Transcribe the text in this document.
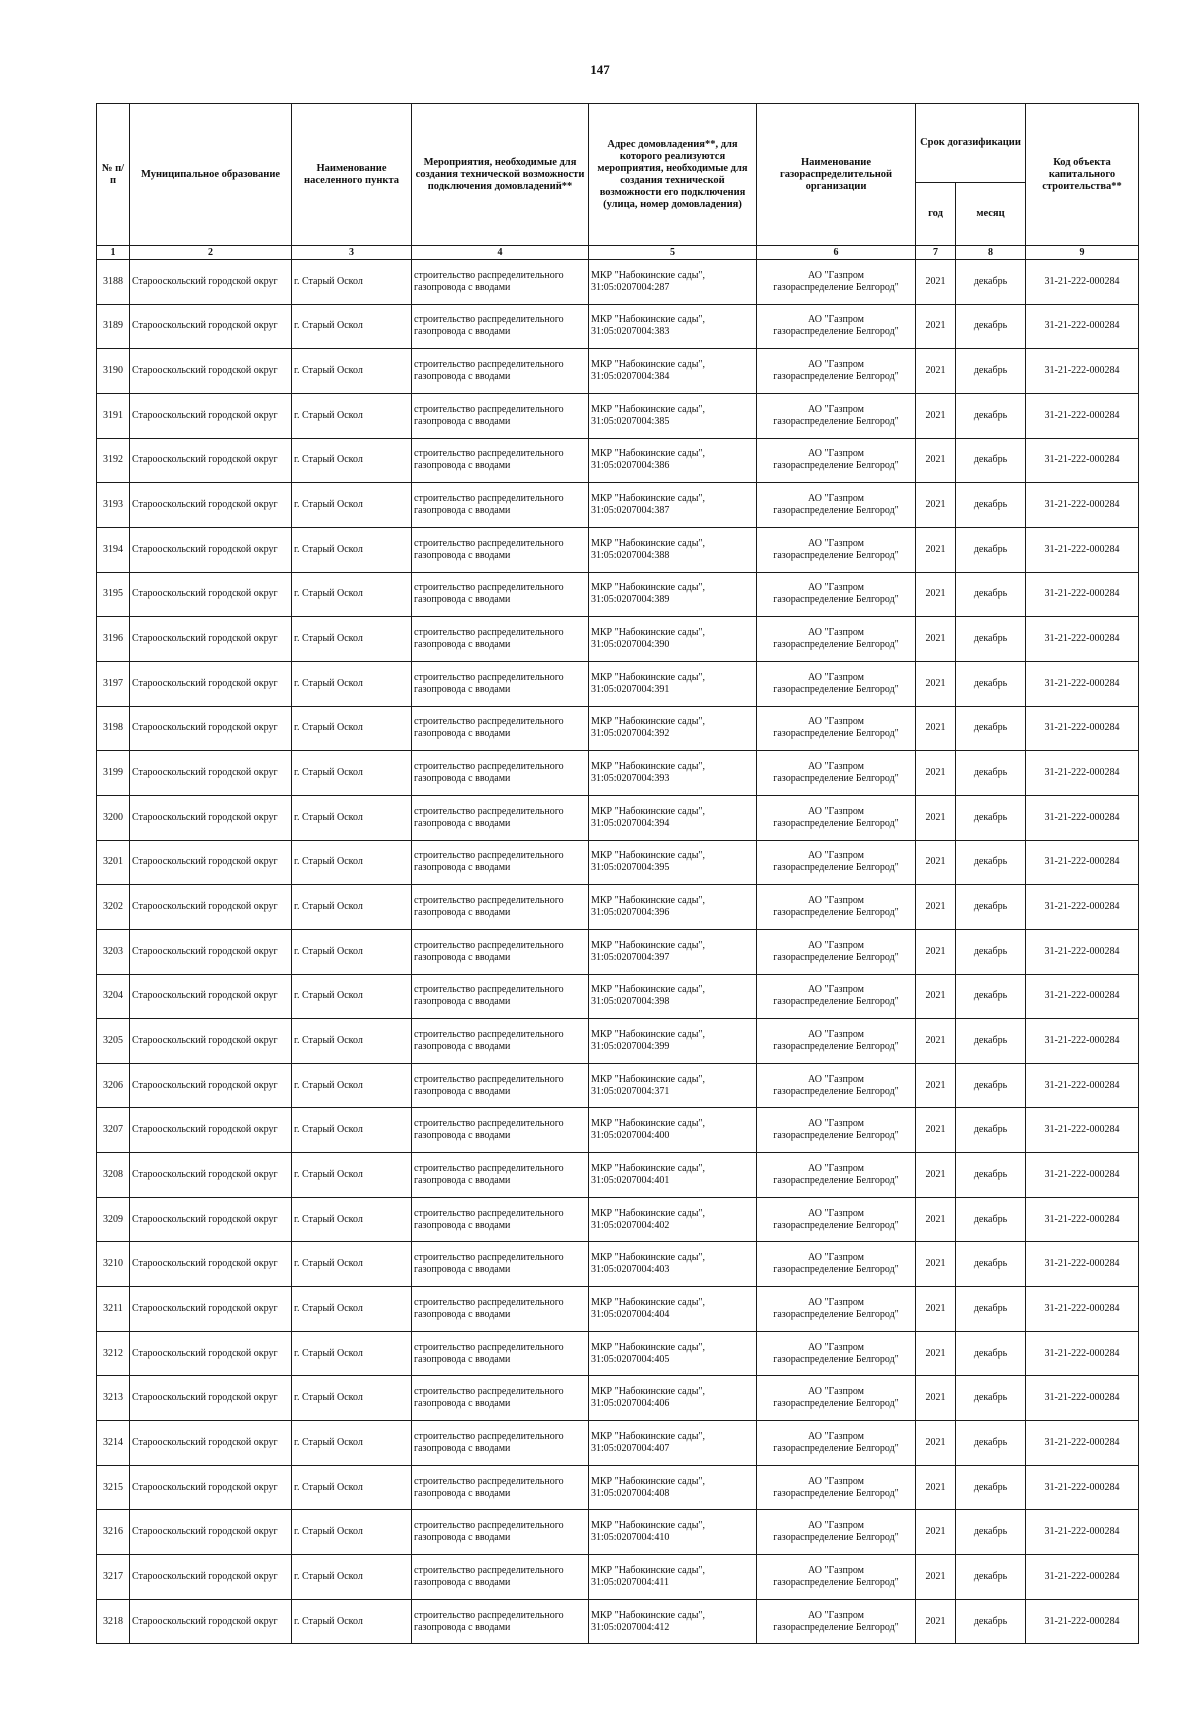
147
№ п/п	Муниципальное образование	Наименование населенного пункта	Мероприятия, необходимые для создания технической возможности подключения домовладений**	Адрес домовладения**, для которого реализуются мероприятия, необходимые для создания технической возможности его подключения (улица, номер домовладения)	Наименование газораспределительной организации	Срок догазификации		Код объекта капитального строительства**
						год	месяц	
1	2	3	4	5	6	7	8	9
3188	Старооскольский городской округ	г. Старый Оскол	строительство распределительного газопровода с вводами	МКР "Набокинские сады", 31:05:0207004:287	АО "Газпром
газораспределение Белгород"	2021	декабрь	31-21-222-000284
3189	Старооскольский городской округ	г. Старый Оскол	строительство распределительного газопровода с вводами	МКР "Набокинские сады", 31:05:0207004:383	АО "Газпром
газораспределение Белгород"	2021	декабрь	31-21-222-000284
3190	Старооскольский городской округ	г. Старый Оскол	строительство распределительного газопровода с вводами	МКР "Набокинские сады", 31:05:0207004:384	АО "Газпром
газораспределение Белгород"	2021	декабрь	31-21-222-000284
3191	Старооскольский городской округ	г. Старый Оскол	строительство распределительного газопровода с вводами	МКР "Набокинские сады", 31:05:0207004:385	АО "Газпром
газораспределение Белгород"	2021	декабрь	31-21-222-000284
3192	Старооскольский городской округ	г. Старый Оскол	строительство распределительного газопровода с вводами	МКР "Набокинские сады", 31:05:0207004:386	АО "Газпром
газораспределение Белгород"	2021	декабрь	31-21-222-000284
3193	Старооскольский городской округ	г. Старый Оскол	строительство распределительного газопровода с вводами	МКР "Набокинские сады", 31:05:0207004:387	АО "Газпром
газораспределение Белгород"	2021	декабрь	31-21-222-000284
3194	Старооскольский городской округ	г. Старый Оскол	строительство распределительного газопровода с вводами	МКР "Набокинские сады", 31:05:0207004:388	АО "Газпром
газораспределение Белгород"	2021	декабрь	31-21-222-000284
3195	Старооскольский городской округ	г. Старый Оскол	строительство распределительного газопровода с вводами	МКР "Набокинские сады", 31:05:0207004:389	АО "Газпром
газораспределение Белгород"	2021	декабрь	31-21-222-000284
3196	Старооскольский городской округ	г. Старый Оскол	строительство распределительного газопровода с вводами	МКР "Набокинские сады", 31:05:0207004:390	АО "Газпром
газораспределение Белгород"	2021	декабрь	31-21-222-000284
3197	Старооскольский городской округ	г. Старый Оскол	строительство распределительного газопровода с вводами	МКР "Набокинские сады", 31:05:0207004:391	АО "Газпром
газораспределение Белгород"	2021	декабрь	31-21-222-000284
3198	Старооскольский городской округ	г. Старый Оскол	строительство распределительного газопровода с вводами	МКР "Набокинские сады", 31:05:0207004:392	АО "Газпром
газораспределение Белгород"	2021	декабрь	31-21-222-000284
3199	Старооскольский городской округ	г. Старый Оскол	строительство распределительного газопровода с вводами	МКР "Набокинские сады", 31:05:0207004:393	АО "Газпром
газораспределение Белгород"	2021	декабрь	31-21-222-000284
3200	Старооскольский городской округ	г. Старый Оскол	строительство распределительного газопровода с вводами	МКР "Набокинские сады", 31:05:0207004:394	АО "Газпром
газораспределение Белгород"	2021	декабрь	31-21-222-000284
3201	Старооскольский городской округ	г. Старый Оскол	строительство распределительного газопровода с вводами	МКР "Набокинские сады", 31:05:0207004:395	АО "Газпром
газораспределение Белгород"	2021	декабрь	31-21-222-000284
3202	Старооскольский городской округ	г. Старый Оскол	строительство распределительного газопровода с вводами	МКР "Набокинские сады", 31:05:0207004:396	АО "Газпром
газораспределение Белгород"	2021	декабрь	31-21-222-000284
3203	Старооскольский городской округ	г. Старый Оскол	строительство распределительного газопровода с вводами	МКР "Набокинские сады", 31:05:0207004:397	АО "Газпром
газораспределение Белгород"	2021	декабрь	31-21-222-000284
3204	Старооскольский городской округ	г. Старый Оскол	строительство распределительного газопровода с вводами	МКР "Набокинские сады", 31:05:0207004:398	АО "Газпром
газораспределение Белгород"	2021	декабрь	31-21-222-000284
3205	Старооскольский городской округ	г. Старый Оскол	строительство распределительного газопровода с вводами	МКР "Набокинские сады", 31:05:0207004:399	АО "Газпром
газораспределение Белгород"	2021	декабрь	31-21-222-000284
3206	Старооскольский городской округ	г. Старый Оскол	строительство распределительного газопровода с вводами	МКР "Набокинские сады", 31:05:0207004:371	АО "Газпром
газораспределение Белгород"	2021	декабрь	31-21-222-000284
3207	Старооскольский городской округ	г. Старый Оскол	строительство распределительного газопровода с вводами	МКР "Набокинские сады", 31:05:0207004:400	АО "Газпром
газораспределение Белгород"	2021	декабрь	31-21-222-000284
3208	Старооскольский городской округ	г. Старый Оскол	строительство распределительного газопровода с вводами	МКР "Набокинские сады", 31:05:0207004:401	АО "Газпром
газораспределение Белгород"	2021	декабрь	31-21-222-000284
3209	Старооскольский городской округ	г. Старый Оскол	строительство распределительного газопровода с вводами	МКР "Набокинские сады", 31:05:0207004:402	АО "Газпром
газораспределение Белгород"	2021	декабрь	31-21-222-000284
3210	Старооскольский городской округ	г. Старый Оскол	строительство распределительного газопровода с вводами	МКР "Набокинские сады", 31:05:0207004:403	АО "Газпром
газораспределение Белгород"	2021	декабрь	31-21-222-000284
3211	Старооскольский городской округ	г. Старый Оскол	строительство распределительного газопровода с вводами	МКР "Набокинские сады", 31:05:0207004:404	АО "Газпром
газораспределение Белгород"	2021	декабрь	31-21-222-000284
3212	Старооскольский городской округ	г. Старый Оскол	строительство распределительного газопровода с вводами	МКР "Набокинские сады", 31:05:0207004:405	АО "Газпром
газораспределение Белгород"	2021	декабрь	31-21-222-000284
3213	Старооскольский городской округ	г. Старый Оскол	строительство распределительного газопровода с вводами	МКР "Набокинские сады", 31:05:0207004:406	АО "Газпром
газораспределение Белгород"	2021	декабрь	31-21-222-000284
3214	Старооскольский городской округ	г. Старый Оскол	строительство распределительного газопровода с вводами	МКР "Набокинские сады", 31:05:0207004:407	АО "Газпром
газораспределение Белгород"	2021	декабрь	31-21-222-000284
3215	Старооскольский городской округ	г. Старый Оскол	строительство распределительного газопровода с вводами	МКР "Набокинские сады", 31:05:0207004:408	АО "Газпром
газораспределение Белгород"	2021	декабрь	31-21-222-000284
3216	Старооскольский городской округ	г. Старый Оскол	строительство распределительного газопровода с вводами	МКР "Набокинские сады", 31:05:0207004:410	АО "Газпром
газораспределение Белгород"	2021	декабрь	31-21-222-000284
3217	Старооскольский городской округ	г. Старый Оскол	строительство распределительного газопровода с вводами	МКР "Набокинские сады", 31:05:0207004:411	АО "Газпром
газораспределение Белгород"	2021	декабрь	31-21-222-000284
3218	Старооскольский городской округ	г. Старый Оскол	строительство распределительного газопровода с вводами	МКР "Набокинские сады", 31:05:0207004:412	АО "Газпром
газораспределение Белгород"	2021	декабрь	31-21-222-000284
